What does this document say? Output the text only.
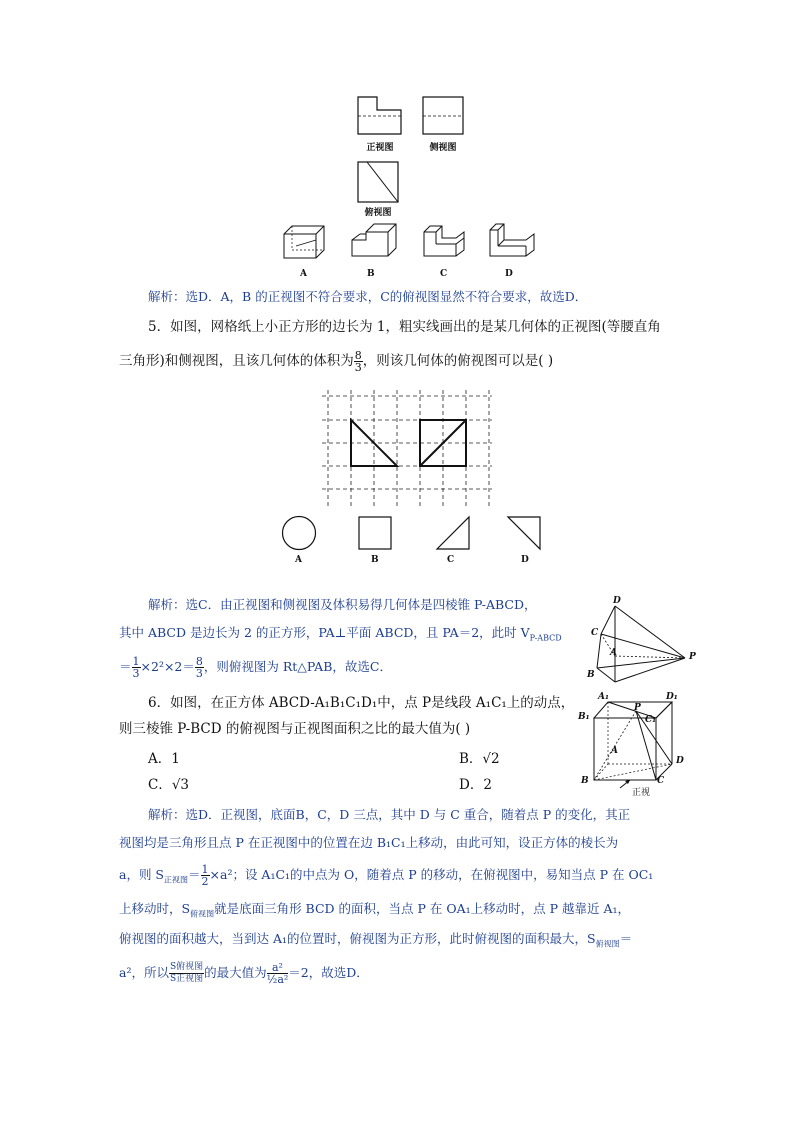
正视图	侧视图
俯视图
A	B	C	D
解析：选D．A，B 的正视图不符合要求，C的俯视图显然不符合要求，故选D．
5．如图，网格纸上小正方形的边长为 1，粗实线画出的是某几何体的正视图(等腰直角
三角形)和侧视图，且该几何体的体积为 $\frac{8}{3}$ ，则该几何体的俯视图可以是( )
A	B	C	D
解析：选C．由正视图和侧视图及体积易得几何体是四棱锥 P-ABCD，
其中 ABCD 是边长为 2 的正方形，PA⊥平面 ABCD，且 PA＝2，此时 $V_{P-ABCD}$
＝ $\frac{1}{3} \times 2^2\times 2= \frac{8}{3}$ ，则俯视图为 Rt△PAB，故选C．
D
C
A
B
P
6．如图，在正方体 ABCD-A₁B₁C₁D₁中，点 P是线段 A₁C₁上的动点，
则三棱锥 P-BCD 的俯视图与正视图面积之比的最大值为( )
A．1	B．√2
C．√3	D．2
A₁	D₁
B₁
P
C₁
A
D
B	C
正视
解析：选D．正视图，底面B，C，D 三点，其中 D 与 C 重合，随着点 P 的变化，其正
视图均是三角形且点 P 在正视图中的位置在边 B₁C₁上移动，由此可知，设正方体的棱长为
a，则 $S_{正视图}= \frac{1}{2} \times a^2$；设 A₁C₁的中点为 O，随着点 P 的移动，在俯视图中，易知当点 P 在 OC₁
上移动时，$S_{俯视图}$就是底面三角形 BCD 的面积，当点 P 在 OA₁上移动时，点 P 越靠近 A₁，
俯视图的面积越大，当到达 A₁的位置时，俯视图为正方形，此时俯视图的面积最大，$S_{俯视图}=$
a²，所以 $\frac{\text{S俯视图}}{\text{S正视图}}$ 的最大值为 $\frac{\text{a²}}{\text{½a²}} =2$，故选D．
